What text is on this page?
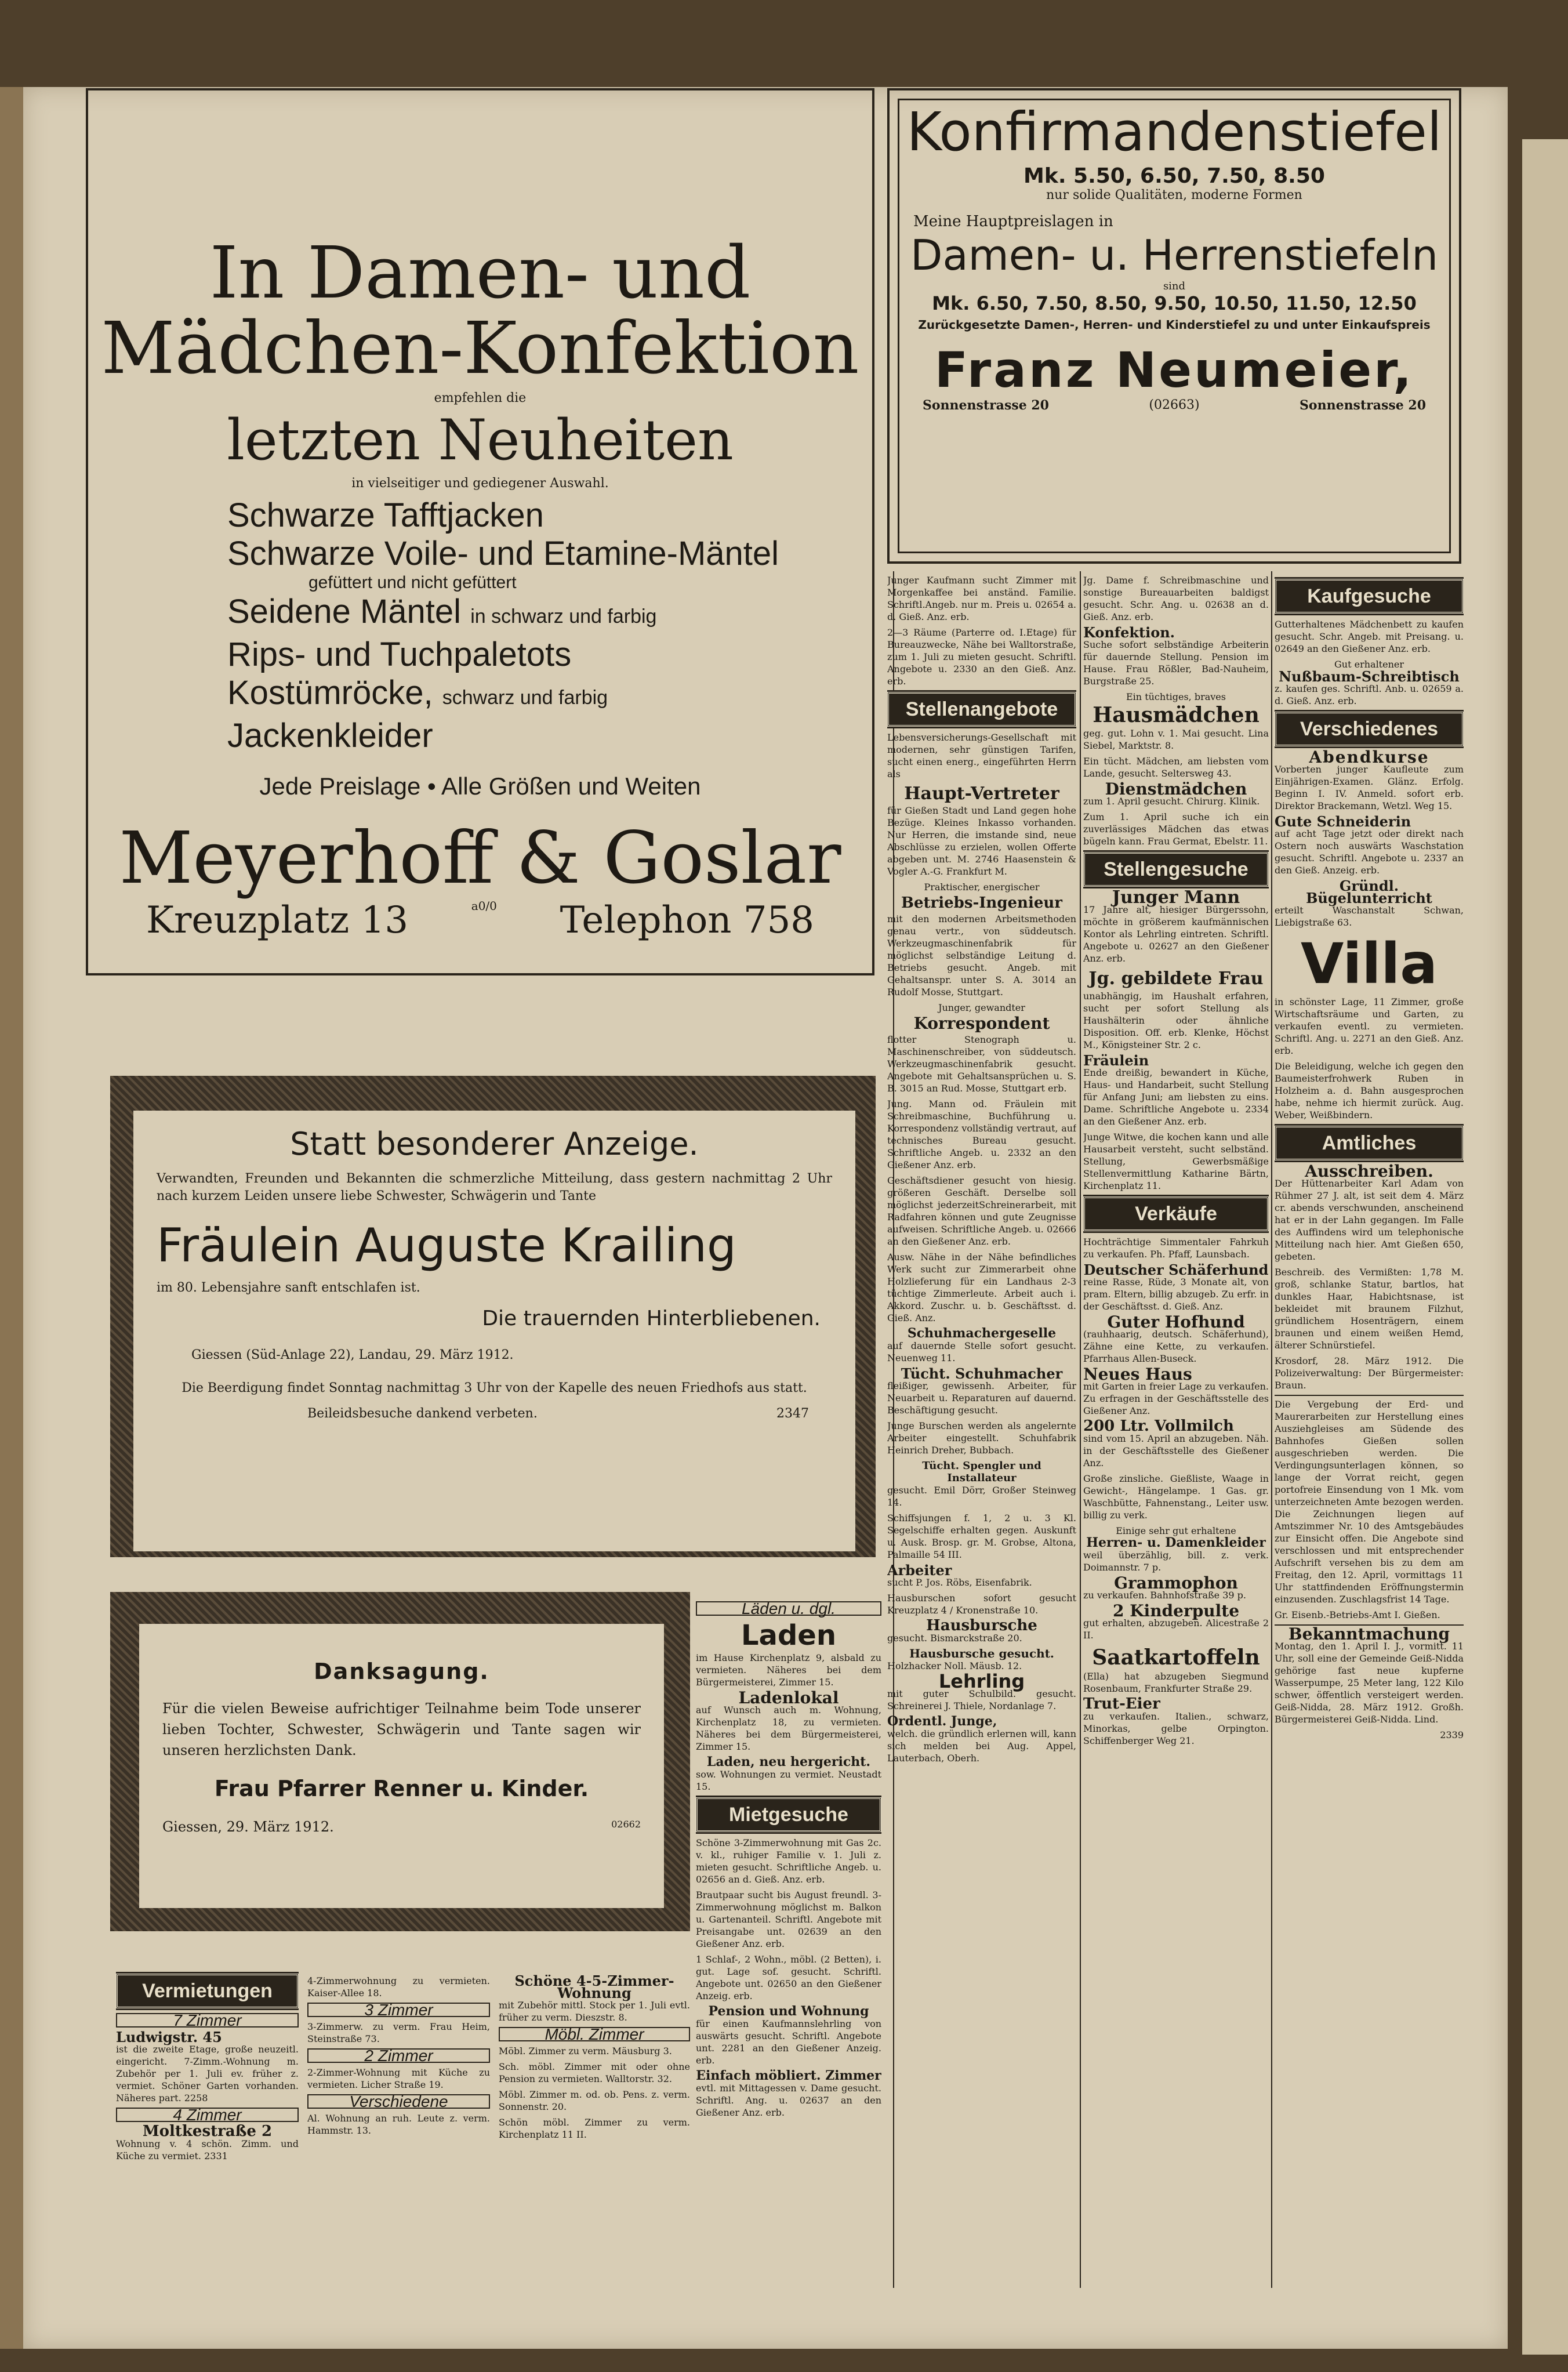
In Damen- und
Mädchen-Konfektion
empfehlen die
letzten Neuheiten
in vielseitiger und gediegener Auswahl.
Schwarze Tafftjacken
Schwarze Voile- und Etamine-Mäntel
gefüttert und nicht gefüttert
Seidene Mäntel in schwarz und farbig
Rips- und Tuchpaletots
Kostümröcke, schwarz und farbig
Jackenkleider
Jede Preislage • Alle Größen und Weiten
Meyerhoff & Goslar
Kreuzplatz 13	a0/0 Telephon 758
Konfirmandenstiefel
Mk. 5.50, 6.50, 7.50, 8.50
nur solide Qualitäten, moderne Formen
Meine Hauptpreislagen in
Damen- u. Herrenstiefeln
sind
Mk. 6.50, 7.50, 8.50, 9.50, 10.50, 11.50, 12.50
Zurückgesetzte Damen-, Herren- und Kinderstiefel zu und unter Einkaufspreis
Franz Neumeier,
Sonnenstrasse 20	(02663)	Sonnenstrasse 20
Statt besonderer Anzeige.
Verwandten, Freunden und Bekannten die schmerzliche Mitteilung, dass gestern nachmittag 2 Uhr nach kurzem Leiden unsere liebe Schwester, Schwägerin und Tante
Fräulein Auguste Krailing
im 80. Lebensjahre sanft entschlafen ist.
Die trauernden Hinterbliebenen.
Giessen (Süd-Anlage 22), Landau, 29. März 1912.
Die Beerdigung findet Sonntag nachmittag 3 Uhr von der Kapelle des neuen Friedhofs aus statt.
Beileidsbesuche dankend verbeten.	2347
Danksagung.
Für die vielen Beweise aufrichtiger Teilnahme beim Tode unserer lieben Tochter, Schwester, Schwägerin und Tante sagen wir unseren herzlichsten Dank.
Frau Pfarrer Renner u. Kinder.
Giessen, 29. März 1912.	02662

Junger Kaufmann sucht Zimmer mit Morgenkaffee bei anständ. Familie. Schriftl.Angeb. nur m. Preis u. 02654 a. d. Gieß. Anz. erb.

2—3 Räume (Parterre od. I.Etage) für Bureauzwecke, Nähe bei Walltorstraße, zum 1. Juli zu mieten gesucht. Schriftl. Angebote u. 2330 an den Gieß. Anz. erb.

Stellenangebote

Lebensversicherungs-Gesellschaft mit modernen, sehr günstigen Tarifen, sucht einen energ., eingeführten Herrn als

Haupt-Vertreter

für Gießen Stadt und Land gegen hohe Bezüge. Kleines Inkasso vorhanden. Nur Herren, die imstande sind, neue Abschlüsse zu erzielen, wollen Offerte abgeben unt. M. 2746 Haasenstein & Vogler A.-G. Frankfurt M.

Praktischer, energischer
Betriebs-Ingenieur

mit den modernen Arbeitsmethoden genau vertr., von süddeutsch. Werkzeugmaschinenfabrik für möglichst selbständige Leitung d. Betriebs gesucht. Angeb. mit Gehaltsanspr. unter S. A. 3014 an Rudolf Mosse, Stuttgart.

Junger, gewandter
Korrespondent

flotter Stenograph u. Maschinenschreiber, von süddeutsch. Werkzeugmaschinenfabrik gesucht. Angebote mit Gehaltsansprüchen u. S. B. 3015 an Rud. Mosse, Stuttgart erb.

Jung. Mann od. Fräulein mit Schreibmaschine, Buchführung u. Korrespondenz vollständig vertraut, auf technisches Bureau gesucht. Schriftliche Angeb. u. 2332 an den Gießener Anz. erb.

Geschäftsdiener gesucht von hiesig. größeren Geschäft. Derselbe soll möglichst jederzeitSchreinerarbeit, mit Radfahren können und gute Zeugnisse aufweisen. Schriftliche Angeb. u. 02666 an den Gießener Anz. erb.

Ausw. Nähe in der Nähe befindliches Werk sucht zur Zimmerarbeit ohne Holzlieferung für ein Landhaus 2-3 tüchtige Zimmerleute. Arbeit auch i. Akkord. Zuschr. u. b. Geschäftsst. d. Gieß. Anz.

Schuhmachergeselle

auf dauernde Stelle sofort gesucht. Neuenweg 11.

Tücht. Schuhmacher

fleißiger, gewissenh. Arbeiter, für Neuarbeit u. Reparaturen auf dauernd. Beschäftigung gesucht.

Junge Burschen werden als angelernte Arbeiter eingestellt. Schuhfabrik Heinrich Dreher, Bubbach.

Tücht. Spengler und Installateur

gesucht. Emil Dörr, Großer Steinweg 14.

Schiffsjungen f. 1, 2 u. 3 Kl. Segelschiffe erhalten gegen. Auskunft u. Ausk. Brosp. gr. M. Grobse, Altona, Palmaille 54 III.

Arbeiter

sucht P. Jos. Röbs, Eisenfabrik.

Hausburschen sofort gesucht Kreuzplatz 4 / Kronenstraße 10.

Hausbursche

gesucht. Bismarckstraße 20.

Hausbursche gesucht.

Holzhacker Noll. Mäusb. 12.

Lehrling

mit guter Schulbild. gesucht. Schreinerei J. Thiele, Nordanlage 7.

Ordentl. Junge,

welch. die gründlich erlernen will, kann sich melden bei Aug. Appel, Lauterbach, Oberh.

Jg. Dame f. Schreibmaschine und sonstige Bureauarbeiten baldigst gesucht. Schr. Ang. u. 02638 an d. Gieß. Anz. erb.

Konfektion.

Suche sofort selbständige Arbeiterin für dauernde Stellung. Pension im Hause. Frau Rößler, Bad-Nauheim, Burgstraße 25.

Ein tüchtiges, braves
Hausmädchen

geg. gut. Lohn v. 1. Mai gesucht. Lina Siebel, Marktstr. 8.

Ein tücht. Mädchen, am liebsten vom Lande, gesucht. Seltersweg 43.

Dienstmädchen

zum 1. April gesucht. Chirurg. Klinik.

Zum 1. April suche ich ein zuverlässiges Mädchen das etwas bügeln kann. Frau Germat, Ebelstr. 11.

Stellengesuche
Junger Mann

17 Jahre alt, hiesiger Bürgerssohn, möchte in größerem kaufmännischen Kontor als Lehrling eintreten. Schriftl. Angebote u. 02627 an den Gießener Anz. erb.

Jg. gebildete Frau

unabhängig, im Haushalt erfahren, sucht per sofort Stellung als Haushälterin oder ähnliche Disposition. Off. erb. Klenke, Höchst M., Königsteiner Str. 2 c.

Fräulein

Ende dreißig, bewandert in Küche, Haus- und Handarbeit, sucht Stellung für Anfang Juni; am liebsten zu eins. Dame. Schriftliche Angebote u. 2334 an den Gießener Anz. erb.

Junge Witwe, die kochen kann und alle Hausarbeit versteht, sucht selbständ. Stellung, Gewerbsmäßige Stellenvermittlung Katharine Bärtn, Kirchenplatz 11.

Verkäufe

Hochträchtige Simmentaler Fahrkuh zu verkaufen. Ph. Pfaff, Launsbach.

Deutscher Schäferhund

reine Rasse, Rüde, 3 Monate alt, von pram. Eltern, billig abzugeb. Zu erfr. in der Geschäftsst. d. Gieß. Anz.

Guter Hofhund

(rauhhaarig, deutsch. Schäferhund), Zähne eine Kette, zu verkaufen. Pfarrhaus Allen-Buseck.

Neues Haus

mit Garten in freier Lage zu verkaufen. Zu erfragen in der Geschäftsstelle des Gießener Anz.

200 Ltr. Vollmilch

sind vom 15. April an abzugeben. Näh. in der Geschäftsstelle des Gießener Anz.

Große zinsliche. Gießliste, Waage in Gewicht-, Hängelampe. 1 Gas. gr. Waschbütte, Fahnenstang., Leiter usw. billig zu verk.

Einige sehr gut erhaltene
Herren- u. Damenkleider

weil überzählig, bill. z. verk. Doimannstr. 7 p.

Grammophon

zu verkaufen. Bahnhofstraße 39 p.

2 Kinderpulte

gut erhalten, abzugeben. Alicestraße 2 II.

Saatkartoffeln

(Ella) hat abzugeben Siegmund Rosenbaum, Frankfurter Straße 29.

Trut-Eier

zu verkaufen. Italien., schwarz, Minorkas, gelbe Orpington. Schiffenberger Weg 21.

Kaufgesuche

Gutterhaltenes Mädchenbett zu kaufen gesucht. Schr. Angeb. mit Preisang. u. 02649 an den Gießener Anz. erb.

Gut erhaltener
Nußbaum-Schreibtisch

z. kaufen ges. Schriftl. Anb. u. 02659 a. d. Gieß. Anz. erb.

Verschiedenes
Abendkurse

Vorberten junger Kaufleute zum Einjährigen-Examen. Glänz. Erfolg. Beginn I. IV. Anmeld. sofort erb. Direktor Brackemann, Wetzl. Weg 15.

Gute Schneiderin

auf acht Tage jetzt oder direkt nach Ostern noch auswärts Waschstation gesucht. Schriftl. Angebote u. 2337 an den Gieß. Anzeig. erb.

Gründl. Bügelunterricht

erteilt Waschanstalt Schwan, Liebigstraße 63.

Villa

in schönster Lage, 11 Zimmer, große Wirtschaftsräume und Garten, zu verkaufen eventl. zu vermieten. Schriftl. Ang. u. 2271 an den Gieß. Anz. erb.

Die Beleidigung, welche ich gegen den Baumeisterfrohwerk Ruben in Holzheim a. d. Bahn ausgesprochen habe, nehme ich hiermit zurück. Aug. Weber, Weißbindern.

Amtliches
Ausschreiben.

Der Hüttenarbeiter Karl Adam von Rühmer 27 J. alt, ist seit dem 4. März cr. abends verschwunden, anscheinend hat er in der Lahn gegangen. Im Falle des Auffindens wird um telephonische Mitteilung nach hier. Amt Gießen 650, gebeten.

Beschreib. des Vermißten: 1,78 M. groß, schlanke Statur, bartlos, hat dunkles Haar, Habichtsnase, ist bekleidet mit braunem Filzhut, gründlichem Hosenträgern, einem braunen und einem weißen Hemd, älterer Schnürstiefel.

Krosdorf, 28. März 1912. Die Polizeiverwaltung: Der Bürgermeister: Braun.

Die Vergebung der Erd- und Maurerarbeiten zur Herstellung eines Ausziehgleises am Südende des Bahnhofes Gießen sollen ausgeschrieben werden. Die Verdingungsunterlagen können, so lange der Vorrat reicht, gegen portofreie Einsendung von 1 Mk. vom unterzeichneten Amte bezogen werden. Die Zeichnungen liegen auf Amtszimmer Nr. 10 des Amtsgebäudes zur Einsicht offen. Die Angebote sind verschlossen und mit entsprechender Aufschrift versehen bis zu dem am Freitag, den 12. April, vormittags 11 Uhr stattfindenden Eröffnungstermin einzusenden. Zuschlagsfrist 14 Tage.

Gr. Eisenb.-Betriebs-Amt I. Gießen.

Bekanntmachung

Montag, den 1. April I. J., vormitt. 11 Uhr, soll eine der Gemeinde Geiß-Nidda gehörige fast neue kupferne Wasserpumpe, 25 Meter lang, 122 Kilo schwer, öffentlich versteigert werden. Geiß-Nidda, 28. März 1912. Großh. Bürgermeisterei Geiß-Nidda. Lind.

2339

Vermietungen
7 Zimmer
Ludwigstr. 45

ist die zweite Etage, große neuzeitl. eingericht. 7-Zimm.-Wohnung m. Zubehör per 1. Juli ev. früher z. vermiet. Schöner Garten vorhanden. Näheres part. 2258

4 Zimmer
Moltkestraße 2

Wohnung v. 4 schön. Zimm. und Küche zu vermiet. 2331

4-Zimmerwohnung zu vermieten. Kaiser-Allee 18.

3 Zimmer

3-Zimmerw. zu verm. Frau Heim, Steinstraße 73.

2 Zimmer

2-Zimmer-Wohnung mit Küche zu vermieten. Licher Straße 19.

Verschiedene

Al. Wohnung an ruh. Leute z. verm. Hammstr. 13.

Schöne 4-5-Zimmer-Wohnung

mit Zubehör mittl. Stock per 1. Juli evtl. früher zu verm. Dieszstr. 8.

Möbl. Zimmer

Möbl. Zimmer zu verm. Mäusburg 3.

Sch. möbl. Zimmer mit oder ohne Pension zu vermieten. Walltorstr. 32.

Möbl. Zimmer m. od. ob. Pens. z. verm. Sonnenstr. 20.

Schön möbl. Zimmer zu verm. Kirchenplatz 11 II.

Läden u. dgl.
Laden

im Hause Kirchenplatz 9, alsbald zu vermieten. Näheres bei dem Bürgermeisterei, Zimmer 15.

Ladenlokal

auf Wunsch auch m. Wohnung, Kirchenplatz 18, zu vermieten. Näheres bei dem Bürgermeisterei, Zimmer 15.

Laden, neu hergericht.

sow. Wohnungen zu vermiet. Neustadt 15.

Mietgesuche

Schöne 3-Zimmerwohnung mit Gas 2c. v. kl., ruhiger Familie v. 1. Juli z. mieten gesucht. Schriftliche Angeb. u. 02656 an d. Gieß. Anz. erb.

Brautpaar sucht bis August freundl. 3-Zimmerwohnung möglichst m. Balkon u. Gartenanteil. Schriftl. Angebote mit Preisangabe unt. 02639 an den Gießener Anz. erb.

1 Schlaf-, 2 Wohn., möbl. (2 Betten), i. gut. Lage sof. gesucht. Schriftl. Angebote unt. 02650 an den Gießener Anzeig. erb.

Pension und Wohnung

für einen Kaufmannslehrling von auswärts gesucht. Schriftl. Angebote unt. 2281 an den Gießener Anzeig. erb.

Einfach möbliert. Zimmer

evtl. mit Mittagessen v. Dame gesucht. Schriftl. Ang. u. 02637 an den Gießener Anz. erb.
